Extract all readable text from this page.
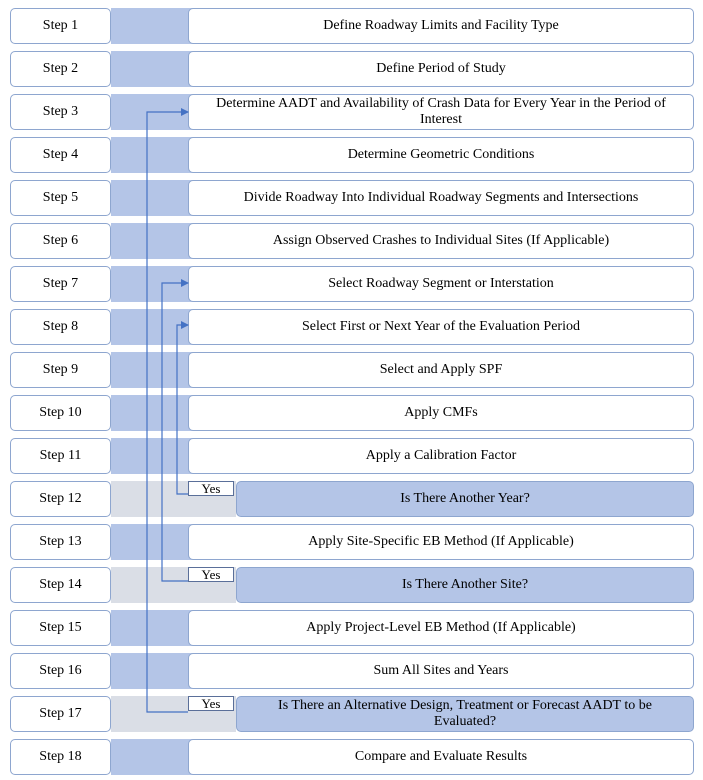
Step 1	Define Roadway Limits and Facility Type
Step 2	Define Period of Study
Step 3
Determine AADT and Availability of Crash Data for Every Year in the Period of Interest
Step 4	Determine Geometric Conditions
Step 5	Divide Roadway Into Individual Roadway Segments and Intersections
Step 6	Assign Observed Crashes to Individual Sites (If Applicable)
Step 7	Select Roadway Segment or Interstation
Step 8	Select First or Next Year of the Evaluation Period
Step 9	Select and Apply SPF
Step 10	Apply CMFs
Step 11	Apply a Calibration Factor
Step 12	Is There Another Year?
Yes
Step 13	Apply Site-Specific EB Method (If Applicable)
Step 14	Is There Another Site?
Yes
Step 15	Apply Project-Level EB Method (If Applicable)
Step 16	Sum All Sites and Years
Step 17
Is There an Alternative Design, Treatment or Forecast AADT to be Evaluated?
Yes
Step 18	Compare and Evaluate Results
